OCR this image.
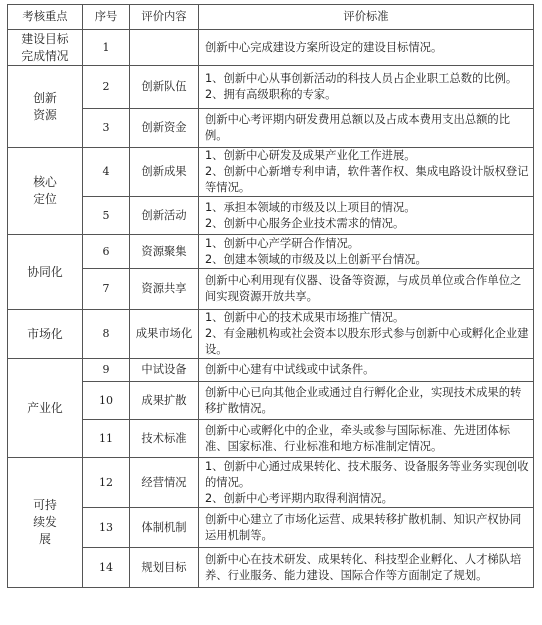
考核重点	序号	评价内容	评价标准

建设目标完成情况	1		创新中心完成建设方案所设定的建设目标情况。

创新资源	2	创新队伍	1、创新中心从事创新活动的科技人员占企业职工总数的比例。
2、拥有高级职称的专家。

	3	创新资金	创新中心考评期内研发费用总额以及占成本费用支出总额的比例。

核心定位	4	创新成果	1、创新中心研发及成果产业化工作进展。
2、创新中心新增专利申请，软件著作权、集成电路设计版权登记等情况。

	5	创新活动	1、承担本领域的市级及以上项目的情况。
2、创新中心服务企业技术需求的情况。

协同化	6	资源聚集	1、创新中心产学研合作情况。
2、创建本领域的市级及以上创新平台情况。

	7	资源共享	创新中心利用现有仪器、设备等资源，与成员单位或合作单位之间实现资源开放共享。

市场化	8	成果市场化	1、创新中心的技术成果市场推广情况。
2、有金融机构或社会资本以股东形式参与创新中心或孵化企业建设。

产业化	9	中试设备	创新中心建有中试线或中试条件。

	10	成果扩散	创新中心已向其他企业或通过自行孵化企业，实现技术成果的转移扩散情况。

	11	技术标准	创新中心或孵化中的企业，牵头或参与国际标准、先进团体标准、国家标准、行业标准和地方标准制定情况。

可持续发展	12	经营情况	1、创新中心通过成果转化、技术服务、设备服务等业务实现创收的情况。
2、创新中心考评期内取得利润情况。

	13	体制机制	创新中心建立了市场化运营、成果转移扩散机制、知识产权协同运用机制等。

	14	规划目标	创新中心在技术研发、成果转化、科技型企业孵化、人才梯队培养、行业服务、能力建设、国际合作等方面制定了规划。
